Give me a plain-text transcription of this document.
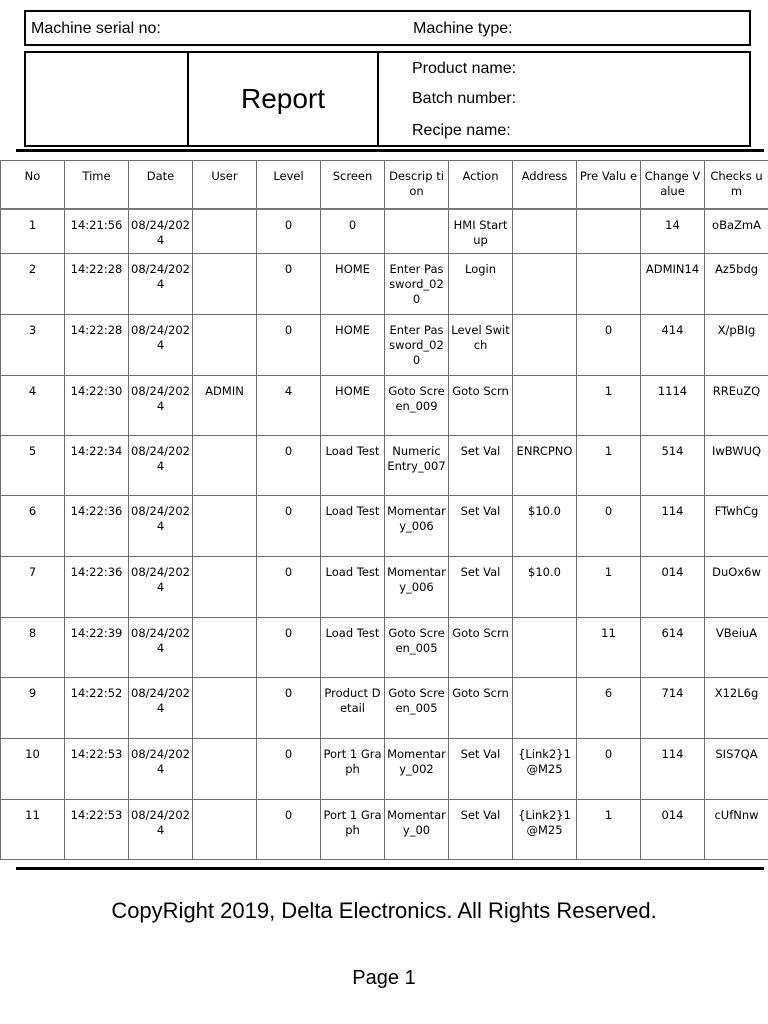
Machine serial no:	Machine type:
Report
Product name:
Batch number:
Recipe name:
No	Time	Date	User	Level	Screen	Descrip tion	Action	Address	Pre Valu e	Change Value	Checks um
1	14:21:56	08/24/2024		0	0		HMI Startup			14	oBaZmA
2	14:22:28	08/24/2024		0	HOME	Enter Password_020	Login			ADMIN14	Az5bdg
3	14:22:28	08/24/2024		0	HOME	Enter Password_020	Level Switch		0	414	X/pBIg
4	14:22:30	08/24/2024	ADMIN	4	HOME	Goto Screen_009	Goto Scrn		1	1114	RREuZQ
5	14:22:34	08/24/2024		0	Load Test	Numeric Entry_007	Set Val	ENRCPNO	1	514	IwBWUQ
6	14:22:36	08/24/2024		0	Load Test	Momentary_006	Set Val	$10.0	0	114	FTwhCg
7	14:22:36	08/24/2024		0	Load Test	Momentary_006	Set Val	$10.0	1	014	DuOx6w
8	14:22:39	08/24/2024		0	Load Test	Goto Screen_005	Goto Scrn		11	614	VBeiuA
9	14:22:52	08/24/2024		0	Product Detail	Goto Screen_005	Goto Scrn		6	714	X12L6g
10	14:22:53	08/24/2024		0	Port 1 Graph	Momentary_002	Set Val	{Link2}1@M25	0	114	SIS7QA
11	14:22:53	08/24/2024		0	Port 1 Graph	Momentary_00	Set Val	{Link2}1@M25	1	014	cUfNnw
CopyRight 2019, Delta Electronics. All Rights Reserved.
Page 1
